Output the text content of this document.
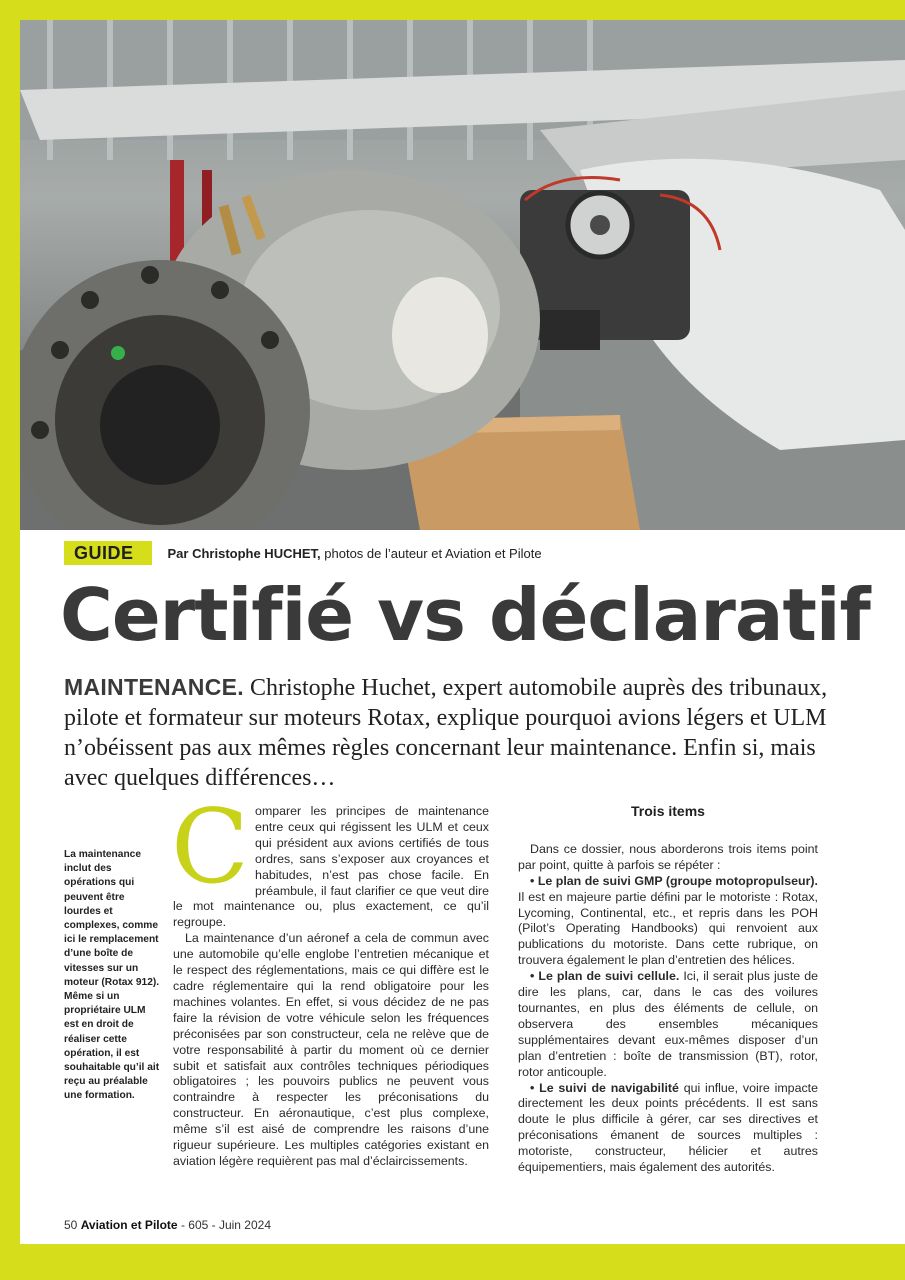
GUIDE	Par Christophe HUCHET, photos de l’auteur et Aviation et Pilote
Certifié vs déclaratif

MAINTENANCE. Christophe Huchet, expert automobile auprès des tribunaux, pilote et formateur sur moteurs Rotax, explique pourquoi avions légers et ULM n’obéissent pas aux mêmes règles concernant leur maintenance. Enfin si, mais avec quelques différences…

La maintenance inclut des opérations qui peuvent être lourdes et complexes, comme ici le remplacement d’une boîte de vitesses sur un moteur (Rotax 912). Même si un propriétaire ULM est en droit de réaliser cette opération, il est souhaitable qu’il ait reçu au préalable une formation.

Comparer les principes de maintenance entre ceux qui régissent les ULM et ceux qui président aux avions certifiés de tous ordres, sans s’exposer aux croyances et habitudes, n’est pas chose facile. En préambule, il faut clarifier ce que veut dire le mot maintenance ou, plus exactement, ce qu’il regroupe.

La maintenance d’un aéronef a cela de commun avec une automobile qu’elle englobe l’entretien mécanique et le respect des réglementations, mais ce qui diffère est le cadre réglementaire qui la rend obligatoire pour les machines volantes. En effet, si vous décidez de ne pas faire la révision de votre véhicule selon les fréquences préconisées par son constructeur, cela ne relève que de votre responsabilité à partir du moment où ce dernier subit et satisfait aux contrôles techniques périodiques obligatoires ; les pouvoirs publics ne peuvent vous contraindre à respecter les préconisations du constructeur. En aéronautique, c’est plus complexe, même s’il est aisé de comprendre les raisons d’une rigueur supérieure. Les multiples catégories existant en aviation légère requièrent pas mal d’éclaircissements.

Trois items

Dans ce dossier, nous aborderons trois items point par point, quitte à parfois se répéter :

• Le plan de suivi GMP (groupe motopropulseur). Il est en majeure partie défini par le motoriste : Rotax, Lycoming, Continental, etc., et repris dans les POH (Pilot’s Operating Handbooks) qui renvoient aux publications du motoriste. Dans cette rubrique, on trouvera également le plan d’entretien des hélices.

• Le plan de suivi cellule. Ici, il serait plus juste de dire les plans, car, dans le cas des voilures tournantes, en plus des éléments de cellule, on observera des ensembles mécaniques supplémentaires devant eux-mêmes disposer d’un plan d’entretien : boîte de transmission (BT), rotor, rotor anticouple.

• Le suivi de navigabilité qui influe, voire impacte directement les deux points précédents. Il est sans doute le plus difficile à gérer, car ses directives et préconisations émanent de sources multiples : motoriste, constructeur, hélicier et autres équipementiers, mais également des autorités.

50 Aviation et Pilote - 605 - Juin 2024
